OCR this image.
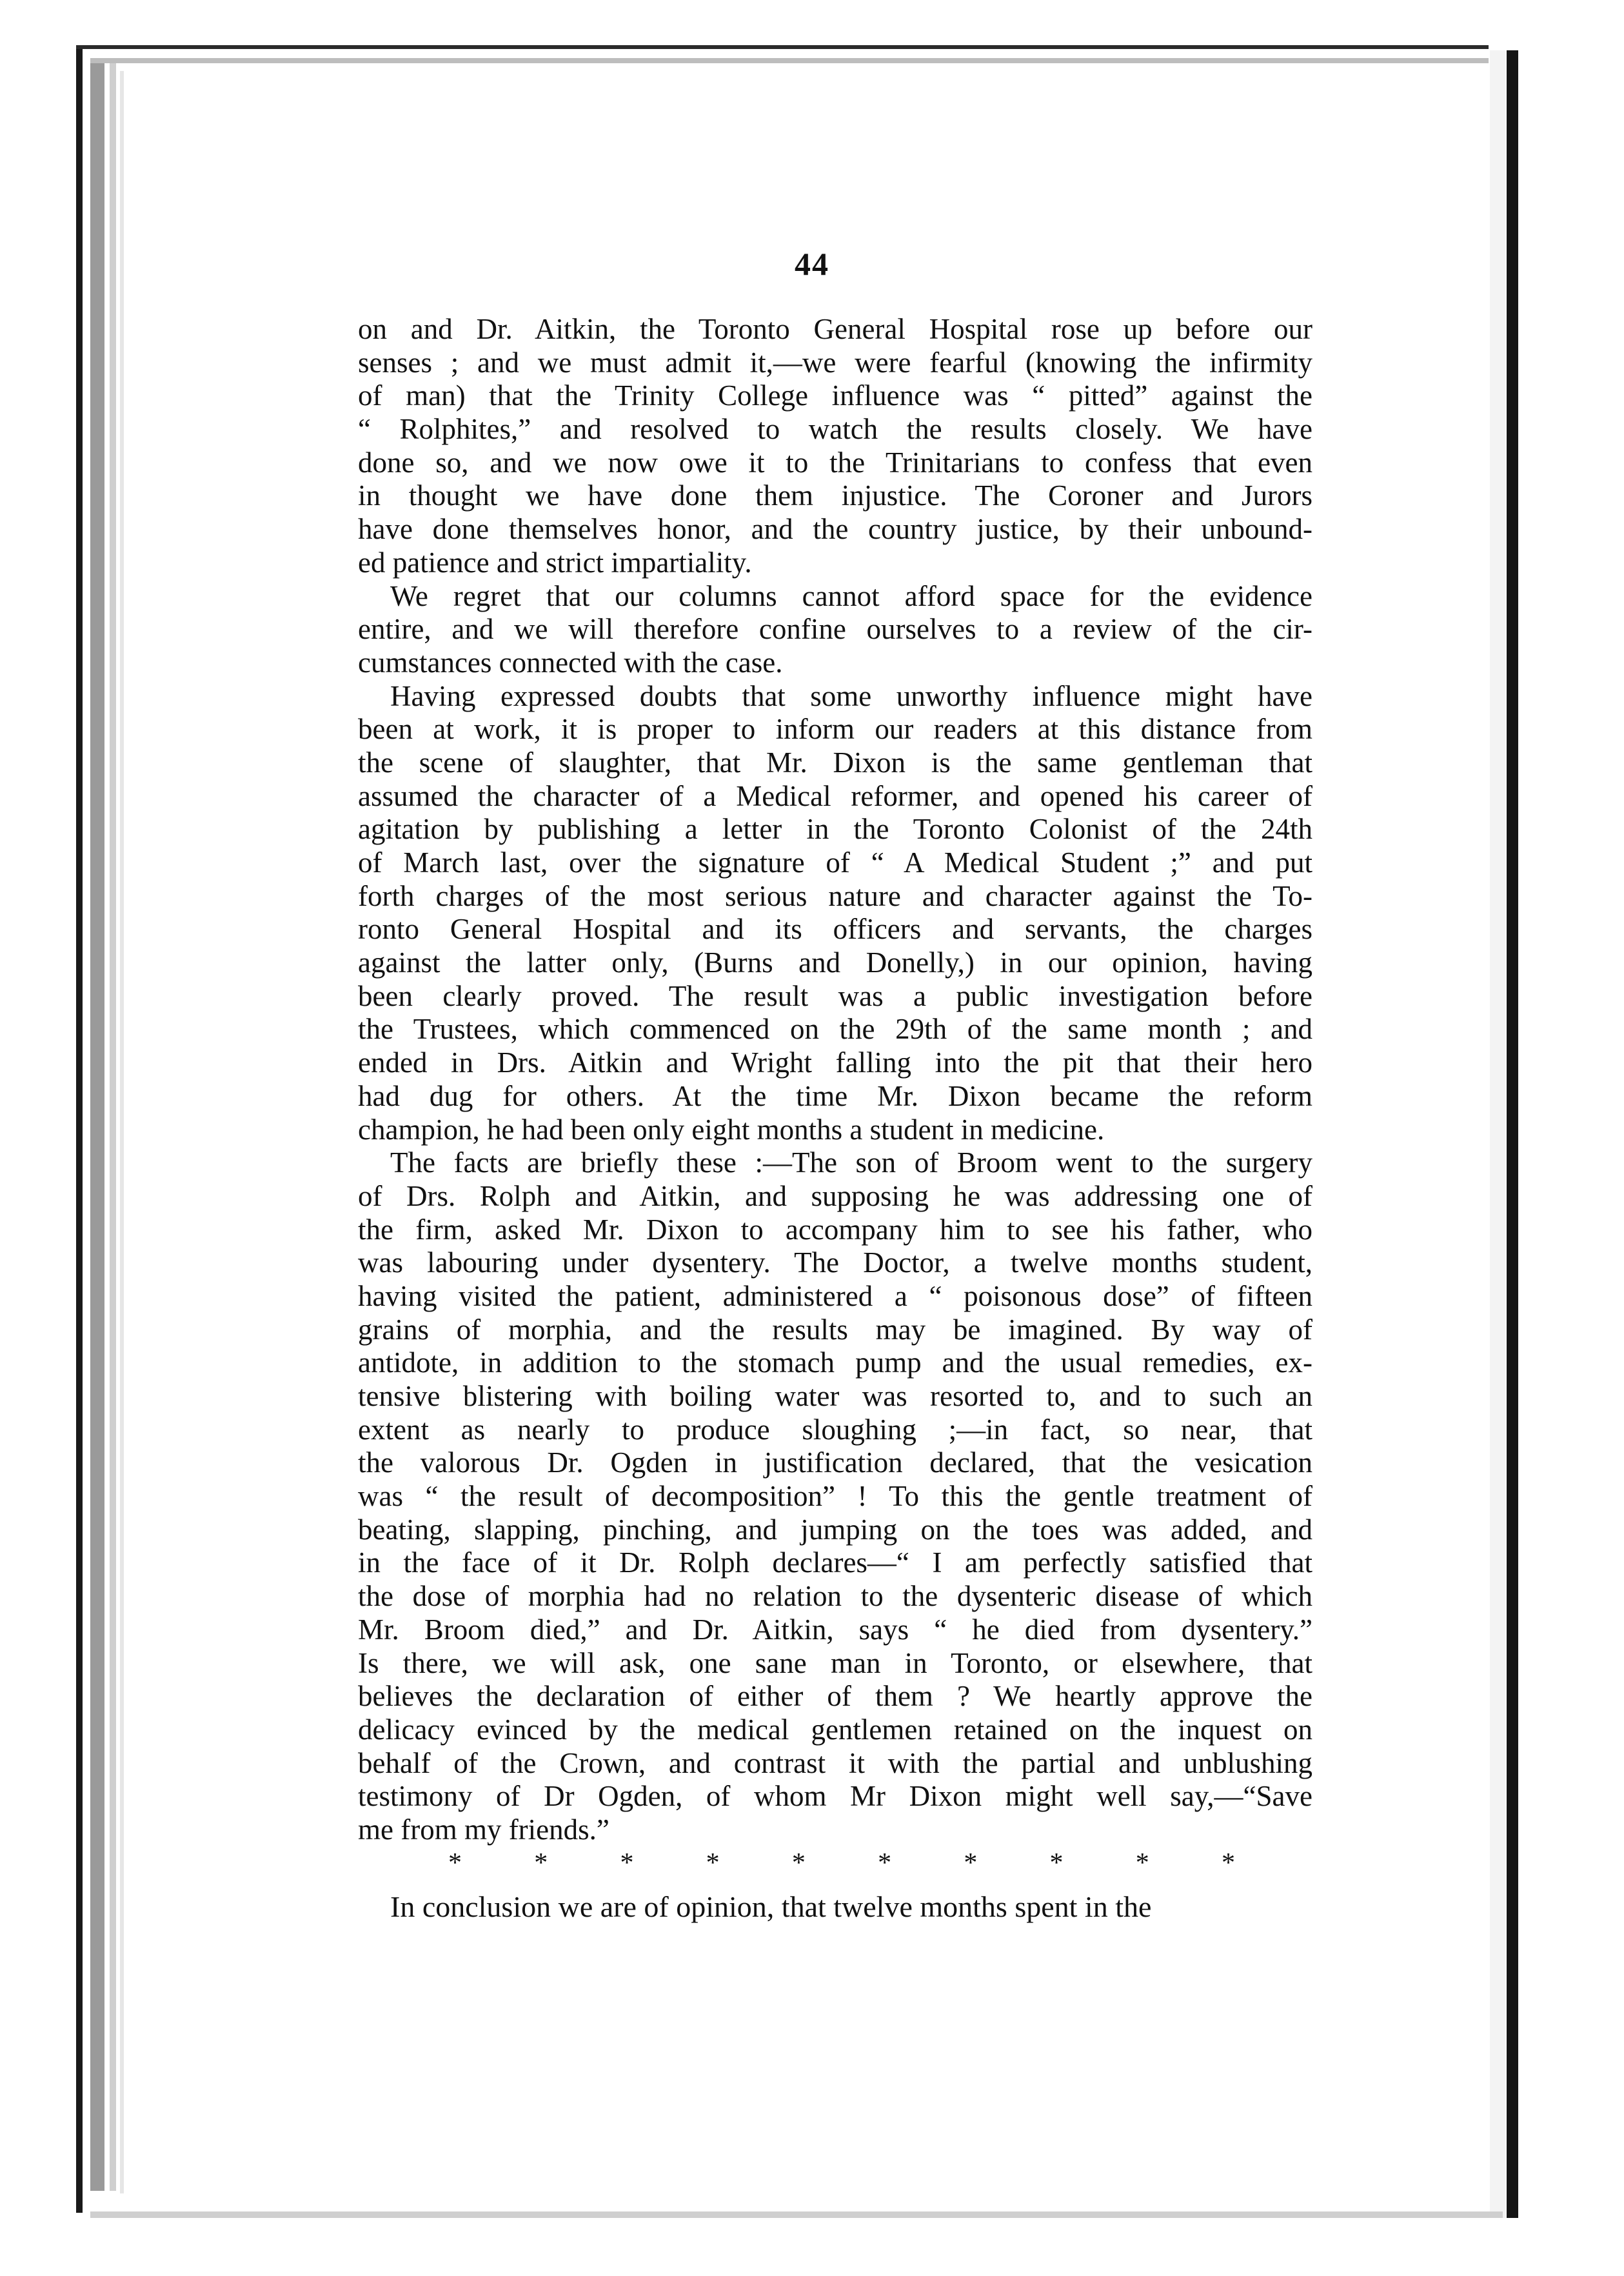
44
on and Dr. Aitkin, the Toronto General Hospital rose up before our
senses ; and we must admit it,—we were fearful (knowing the infirmity
of man) that the Trinity College influence was “ pitted” against the
“ Rolphites,” and resolved to watch the results closely. We have
done so, and we now owe it to the Trinitarians to confess that even
in thought we have done them injustice. The Coroner and Jurors
have done themselves honor, and the country justice, by their unbound-
ed patience and strict impartiality.
We regret that our columns cannot afford space for the evidence
entire, and we will therefore confine ourselves to a review of the cir-
cumstances connected with the case.
Having expressed doubts that some unworthy influence might have
been at work, it is proper to inform our readers at this distance from
the scene of slaughter, that Mr. Dixon is the same gentleman that
assumed the character of a Medical reformer, and opened his career of
agitation by publishing a letter in the Toronto Colonist of the 24th
of March last, over the signature of “ A Medical Student ;” and put
forth charges of the most serious nature and character against the To-
ronto General Hospital and its officers and servants, the charges
against the latter only, (Burns and Donelly,) in our opinion, having
been clearly proved. The result was a public investigation before
the Trustees, which commenced on the 29th of the same month ; and
ended in Drs. Aitkin and Wright falling into the pit that their hero
had dug for others. At the time Mr. Dixon became the reform
champion, he had been only eight months a student in medicine.
The facts are briefly these :—The son of Broom went to the surgery
of Drs. Rolph and Aitkin, and supposing he was addressing one of
the firm, asked Mr. Dixon to accompany him to see his father, who
was labouring under dysentery. The Doctor, a twelve months student,
having visited the patient, administered a “ poisonous dose” of fifteen
grains of morphia, and the results may be imagined. By way of
antidote, in addition to the stomach pump and the usual remedies, ex-
tensive blistering with boiling water was resorted to, and to such an
extent as nearly to produce sloughing ;—in fact, so near, that
the valorous Dr. Ogden in justification declared, that the vesication
was “ the result of decomposition” ! To this the gentle treatment of
beating, slapping, pinching, and jumping on the toes was added, and
in the face of it Dr. Rolph declares—“ I am perfectly satisfied that
the dose of morphia had no relation to the dysenteric disease of which
Mr. Broom died,” and Dr. Aitkin, says “ he died from dysentery.”
Is there, we will ask, one sane man in Toronto, or elsewhere, that
believes the declaration of either of them ? We heartly approve the
delicacy evinced by the medical gentlemen retained on the inquest on
behalf of the Crown, and contrast it with the partial and unblushing
testimony of Dr Ogden, of whom Mr Dixon might well say,—“Save
me from my friends.”
*	*	*	*	*	*	*	*	*	*
In conclusion we are of opinion, that twelve months spent in the
